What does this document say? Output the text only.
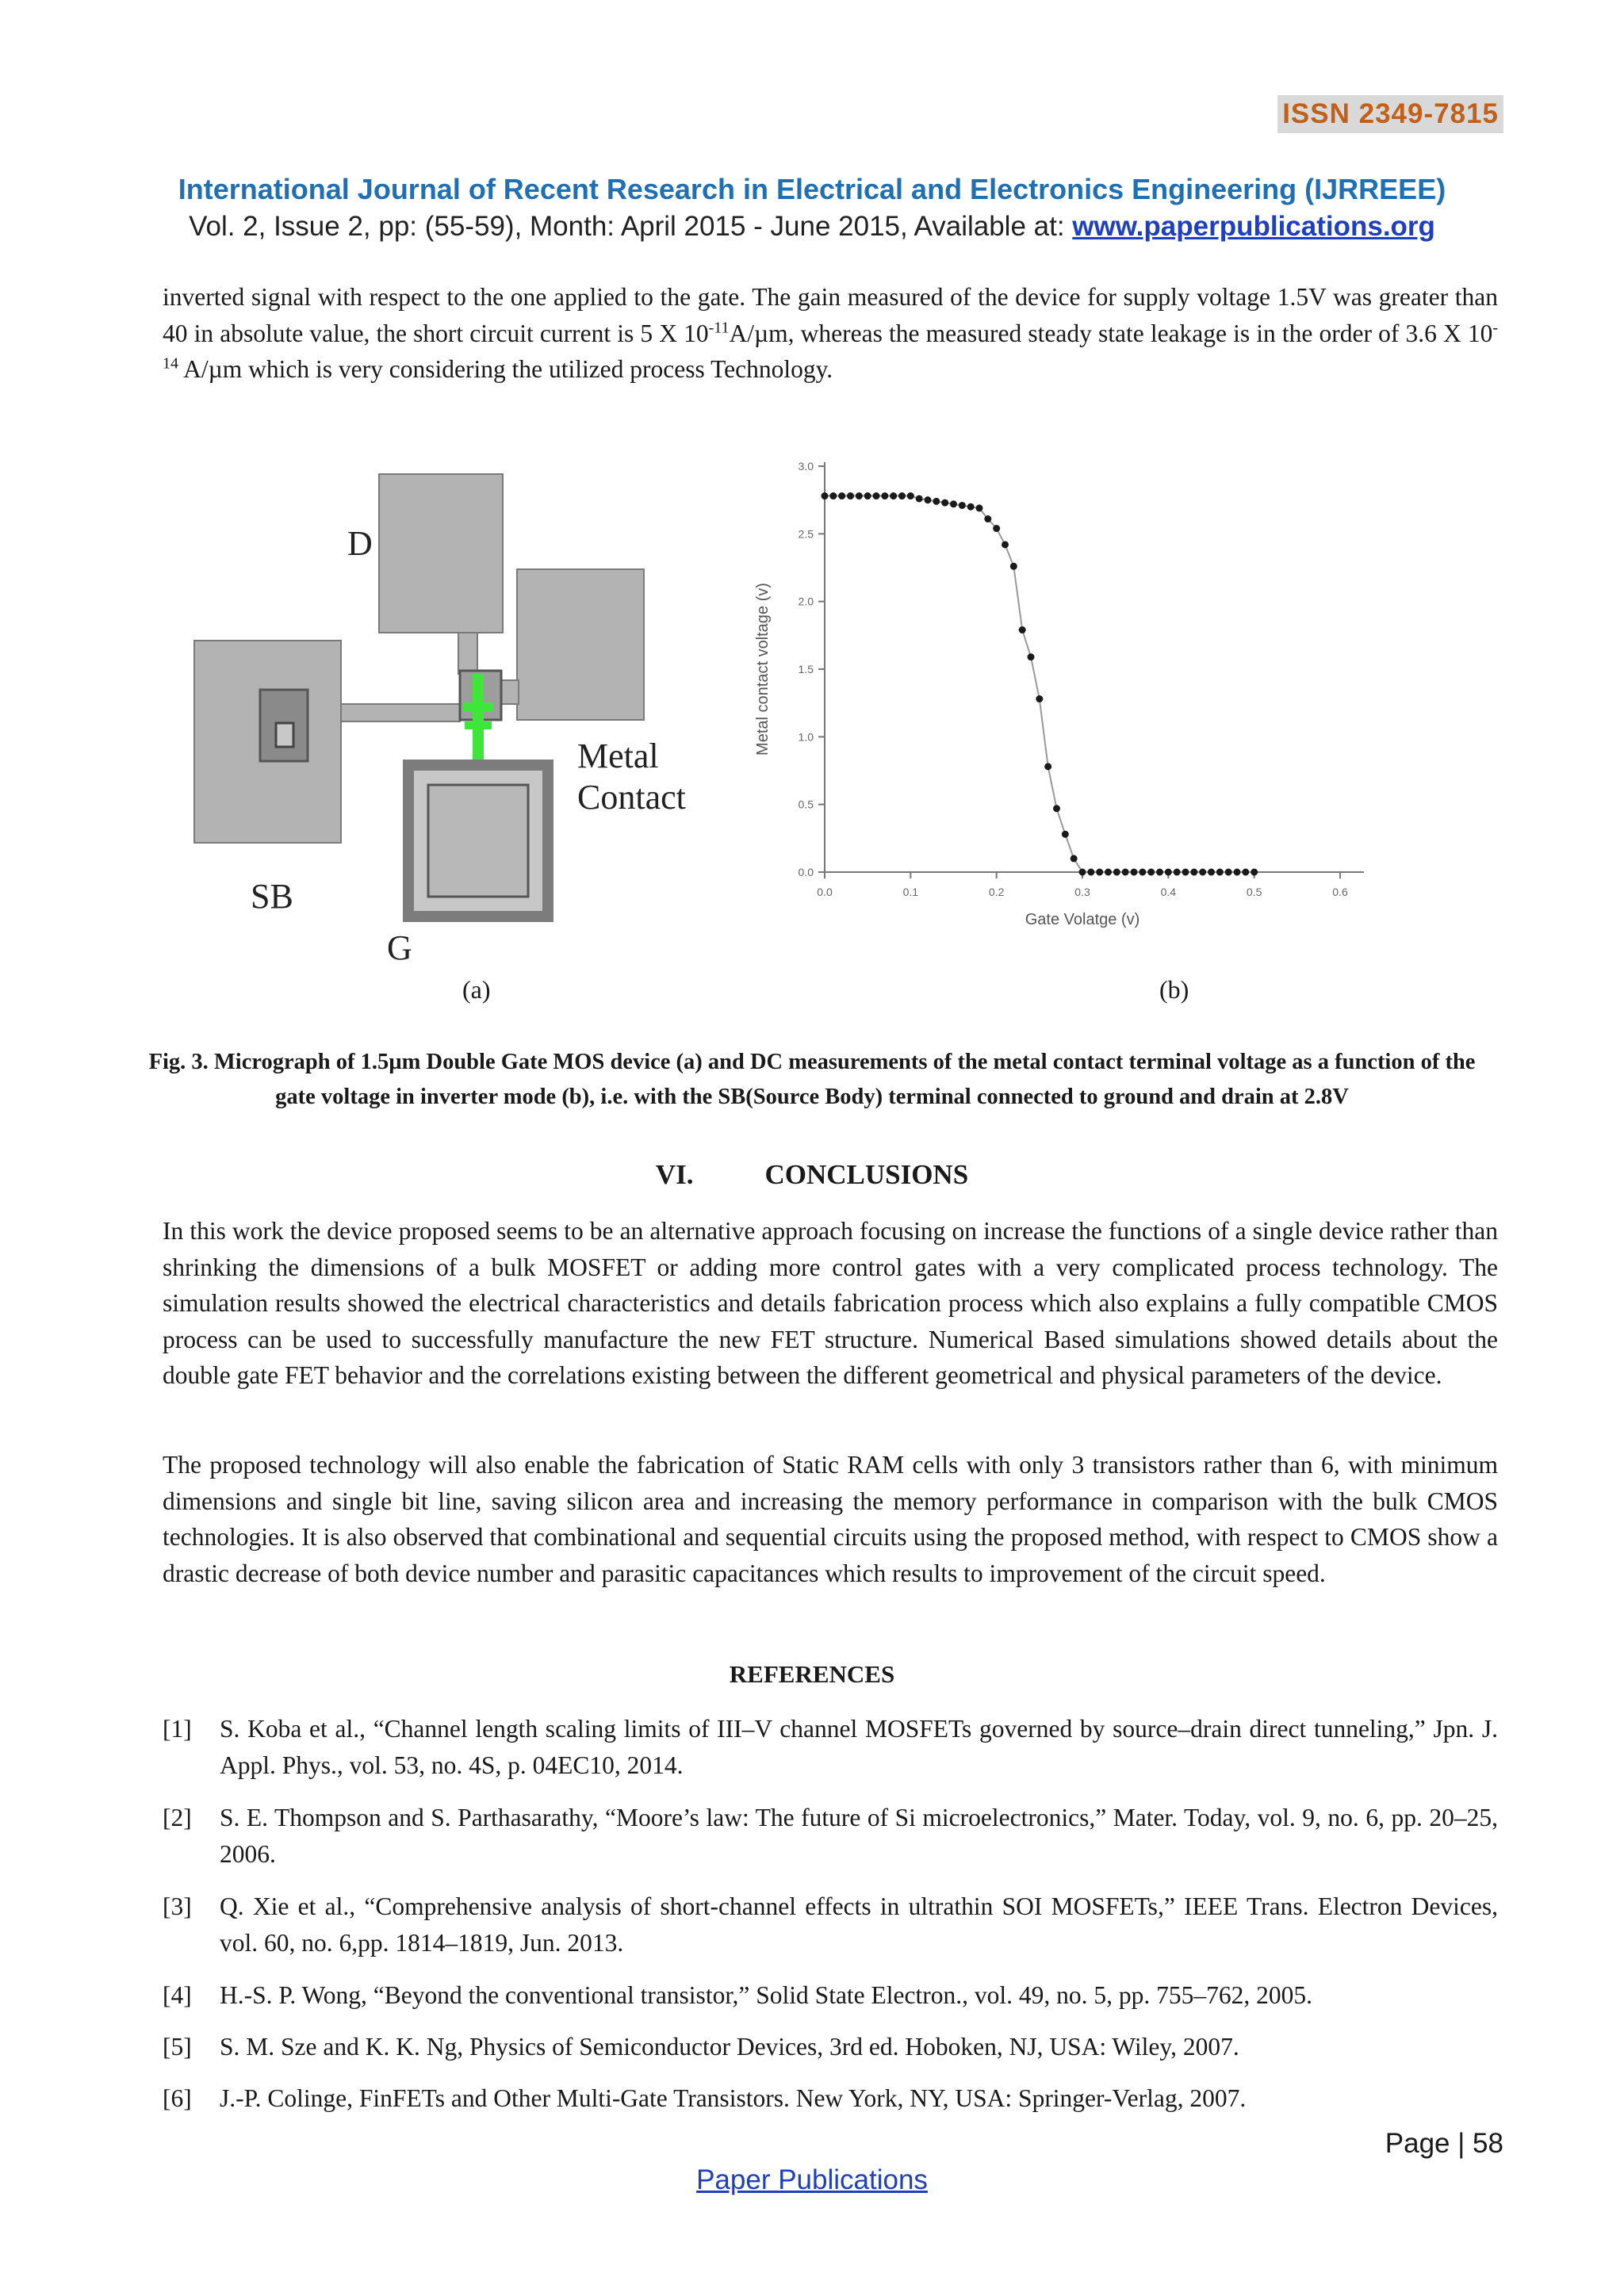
ISSN 2349-7815
International Journal of Recent Research in Electrical and Electronics Engineering (IJRREEE)
Vol. 2, Issue 2, pp: (55-59), Month: April 2015 - June 2015, Available at: www.paperpublications.org
inverted signal with respect to the one applied to the gate. The gain measured of the device for supply voltage 1.5V was greater than 40 in absolute value, the short circuit current is 5 X $10^{-11}A/\mu m$, whereas the measured steady state leakage is in the order of 3.6 X $10^{-14}$ A/µm which is very considering the utilized process Technology.
D
SB
G
Metal
Contact
0.0	0.1	0.2	0.3	0.4	0.5	0.6
0.0
0.5
1.0
1.5
2.0
2.5
3.0
Gate Volatge (v)
Metal contact voltage (v)
(a)	(b)
Fig. 3. Micrograph of 1.5µm Double Gate MOS device (a) and DC measurements of the metal contact terminal voltage as a function of the gate voltage in inverter mode (b), i.e. with the SB(Source Body) terminal connected to ground and drain at 2.8V
VI.	CONCLUSIONS
In this work the device proposed seems to be an alternative approach focusing on increase the functions of a single device rather than shrinking the dimensions of a bulk MOSFET or adding more control gates with a very complicated process technology. The simulation results showed the electrical characteristics and details fabrication process which also explains a fully compatible CMOS process can be used to successfully manufacture the new FET structure. Numerical Based simulations showed details about the double gate FET behavior and the correlations existing between the different geometrical and physical parameters of the device.
The proposed technology will also enable the fabrication of Static RAM cells with only 3 transistors rather than 6, with minimum dimensions and single bit line, saving silicon area and increasing the memory performance in comparison with the bulk CMOS technologies. It is also observed that combinational and sequential circuits using the proposed method, with respect to CMOS show a drastic decrease of both device number and parasitic capacitances which results to improvement of the circuit speed.
REFERENCES
[1] S. Koba et al., “Channel length scaling limits of III–V channel MOSFETs governed by source–drain direct tunneling,” Jpn. J. Appl. Phys., vol. 53, no. 4S, p. 04EC10, 2014.
[2] S. E. Thompson and S. Parthasarathy, “Moore’s law: The future of Si microelectronics,” Mater. Today, vol. 9, no. 6, pp. 20–25, 2006.
[3] Q. Xie et al., “Comprehensive analysis of short-channel effects in ultrathin SOI MOSFETs,” IEEE Trans. Electron Devices, vol. 60, no. 6,pp. 1814–1819, Jun. 2013.
[4] H.-S. P. Wong, “Beyond the conventional transistor,” Solid State Electron., vol. 49, no. 5, pp. 755–762, 2005.
[5] S. M. Sze and K. K. Ng, Physics of Semiconductor Devices, 3rd ed. Hoboken, NJ, USA: Wiley, 2007.
[6] J.-P. Colinge, FinFETs and Other Multi-Gate Transistors. New York, NY, USA: Springer-Verlag, 2007.
Page | 58
Paper Publications
